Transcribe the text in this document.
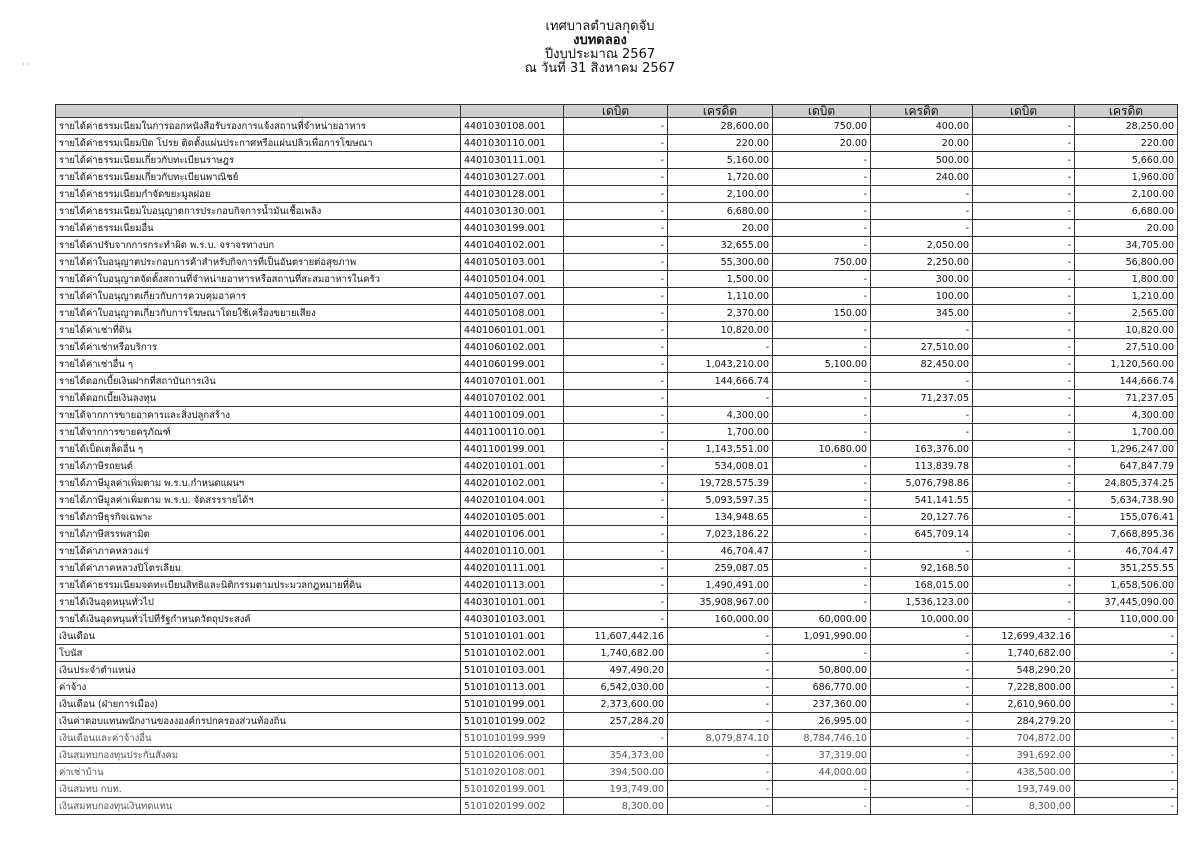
เทศบาลตำบลกุดจับ
งบทดลอง
ปีงบประมาณ 2567
ณ วันที่ 31 สิงหาคม 2567
· ·
		เดบิต	เครดิต	เดบิต	เครดิต	เดบิต	เครดิต
รายได้ค่าธรรมเนียมในการออกหนังสือรับรองการแจ้งสถานที่จำหน่ายอาหาร	4401030108.001	-	28,600.00	750.00	400.00	-	28,250.00
รายได้ค่าธรรมเนียมปิด โปรย ติดตั้งแผ่นประกาศหรือแผ่นปลิวเพื่อการโฆษณา	4401030110.001	-	220.00	20.00	20.00	-	220.00
รายได้ค่าธรรมเนียมเกี่ยวกับทะเบียนราษฎร	4401030111.001	-	5,160.00	-	500.00	-	5,660.00
รายได้ค่าธรรมเนียมเกี่ยวกับทะเบียนพาณิชย์	4401030127.001	-	1,720.00	-	240.00	-	1,960.00
รายได้ค่าธรรมเนียมกำจัดขยะมูลฝอย	4401030128.001	-	2,100.00	-	-	-	2,100.00
รายได้ค่าธรรมเนียมใบอนุญาตการประกอบกิจการน้ำมันเชื้อเพลิง	4401030130.001	-	6,680.00	-	-	-	6,680.00
รายได้ค่าธรรมเนียมอื่น	4401030199.001	-	20.00	-	-	-	20.00
รายได้ค่าปรับจากการกระทำผิด พ.ร.บ. จราจรทางบก	4401040102.001	-	32,655.00	-	2,050.00	-	34,705.00
รายได้ค่าใบอนุญาตประกอบการค้าสำหรับกิจการที่เป็นอันตรายต่อสุขภาพ	4401050103.001	-	55,300.00	750.00	2,250.00	-	56,800.00
รายได้ค่าใบอนุญาตจัดตั้งสถานที่จำหน่ายอาหารหรือสถานที่สะสมอาหารในครัว	4401050104.001	-	1,500.00	-	300.00	-	1,800.00
รายได้ค่าใบอนุญาตเกี่ยวกับการควบคุมอาคาร	4401050107.001	-	1,110.00	-	100.00	-	1,210.00
รายได้ค่าใบอนุญาตเกี่ยวกับการโฆษณาโดยใช้เครื่องขยายเสียง	4401050108.001	-	2,370.00	150.00	345.00	-	2,565.00
รายได้ค่าเช่าที่ดิน	4401060101.001	-	10,820.00	-	-	-	10,820.00
รายได้ค่าเช่าหรือบริการ	4401060102.001	-	-	-	27,510.00	-	27,510.00
รายได้ค่าเช่าอื่น ๆ	4401060199.001	-	1,043,210.00	5,100.00	82,450.00	-	1,120,560.00
รายได้ดอกเบี้ยเงินฝากที่สถาบันการเงิน	4401070101.001	-	144,666.74	-	-	-	144,666.74
รายได้ดอกเบี้ยเงินลงทุน	4401070102.001	-	-	-	71,237.05	-	71,237.05
รายได้จากการขายอาคารและสิ่งปลูกสร้าง	4401100109.001	-	4,300.00	-	-	-	4,300.00
รายได้จากการขายครุภัณฑ์	4401100110.001	-	1,700.00	-	-	-	1,700.00
รายได้เบ็ดเตล็ดอื่น ๆ	4401100199.001	-	1,143,551.00	10,680.00	163,376.00	-	1,296,247.00
รายได้ภาษีรถยนต์	4402010101.001	-	534,008.01	-	113,839.78	-	647,847.79
รายได้ภาษีมูลค่าเพิ่มตาม พ.ร.บ.กำหนดแผนฯ	4402010102.001	-	19,728,575.39	-	5,076,798.86	-	24,805,374.25
รายได้ภาษีมูลค่าเพิ่มตาม พ.ร.บ. จัดสรรรายได้ฯ	4402010104.001	-	5,093,597.35	-	541,141.55	-	5,634,738.90
รายได้ภาษีธุรกิจเฉพาะ	4402010105.001	-	134,948.65	-	20,127.76	-	155,076.41
รายได้ภาษีสรรพสามิต	4402010106.001	-	7,023,186.22	-	645,709.14	-	7,668,895.36
รายได้ค่าภาคหลวงแร่	4402010110.001	-	46,704.47	-	-	-	46,704.47
รายได้ค่าภาคหลวงปิโตรเลียม	4402010111.001	-	259,087.05	-	92,168.50	-	351,255.55
รายได้ค่าธรรมเนียมจดทะเบียนสิทธิและนิติกรรมตามประมวลกฎหมายที่ดิน	4402010113.001	-	1,490,491.00	-	168,015.00	-	1,658,506.00
รายได้เงินอุดหนุนทั่วไป	4403010101.001	-	35,908,967.00	-	1,536,123.00	-	37,445,090.00
รายได้เงินอุดหนุนทั่วไปที่รัฐกำหนดวัตถุประสงค์	4403010103.001	-	160,000.00	60,000.00	10,000.00	-	110,000.00
เงินเดือน	5101010101.001	11,607,442.16	-	1,091,990.00	-	12,699,432.16	-
โบนัส	5101010102.001	1,740,682.00	-	-	-	1,740,682.00	-
เงินประจำตำแหน่ง	5101010103.001	497,490.20	-	50,800.00	-	548,290.20	-
ค่าจ้าง	5101010113.001	6,542,030.00	-	686,770.00	-	7,228,800.00	-
เงินเดือน (ฝ่ายการเมือง)	5101010199.001	2,373,600.00	-	237,360.00	-	2,610,960.00	-
เงินค่าตอบแทนพนักงานของงองค์กรปกครองส่วนท้องถิ่น	5101010199.002	257,284.20	-	26,995.00	-	284,279.20	-
เงินเดือนและค่าจ้างอื่น	5101010199.999	-	8,079,874.10	8,784,746.10	-	704,872.00	-
เงินสมทบกองทุนประกันสังคม	5101020106.001	354,373.00	-	37,319.00	-	391,692.00	-
ค่าเช่าบ้าน	5101020108.001	394,500.00	-	44,000.00	-	438,500.00	-
เงินสมทบ กบท.	5101020199.001	193,749.00	-	-	-	193,749.00	-
เงินสมทบกองทุนเงินทดแทน	5101020199.002	8,300.00	-	-	-	8,300.00	-
